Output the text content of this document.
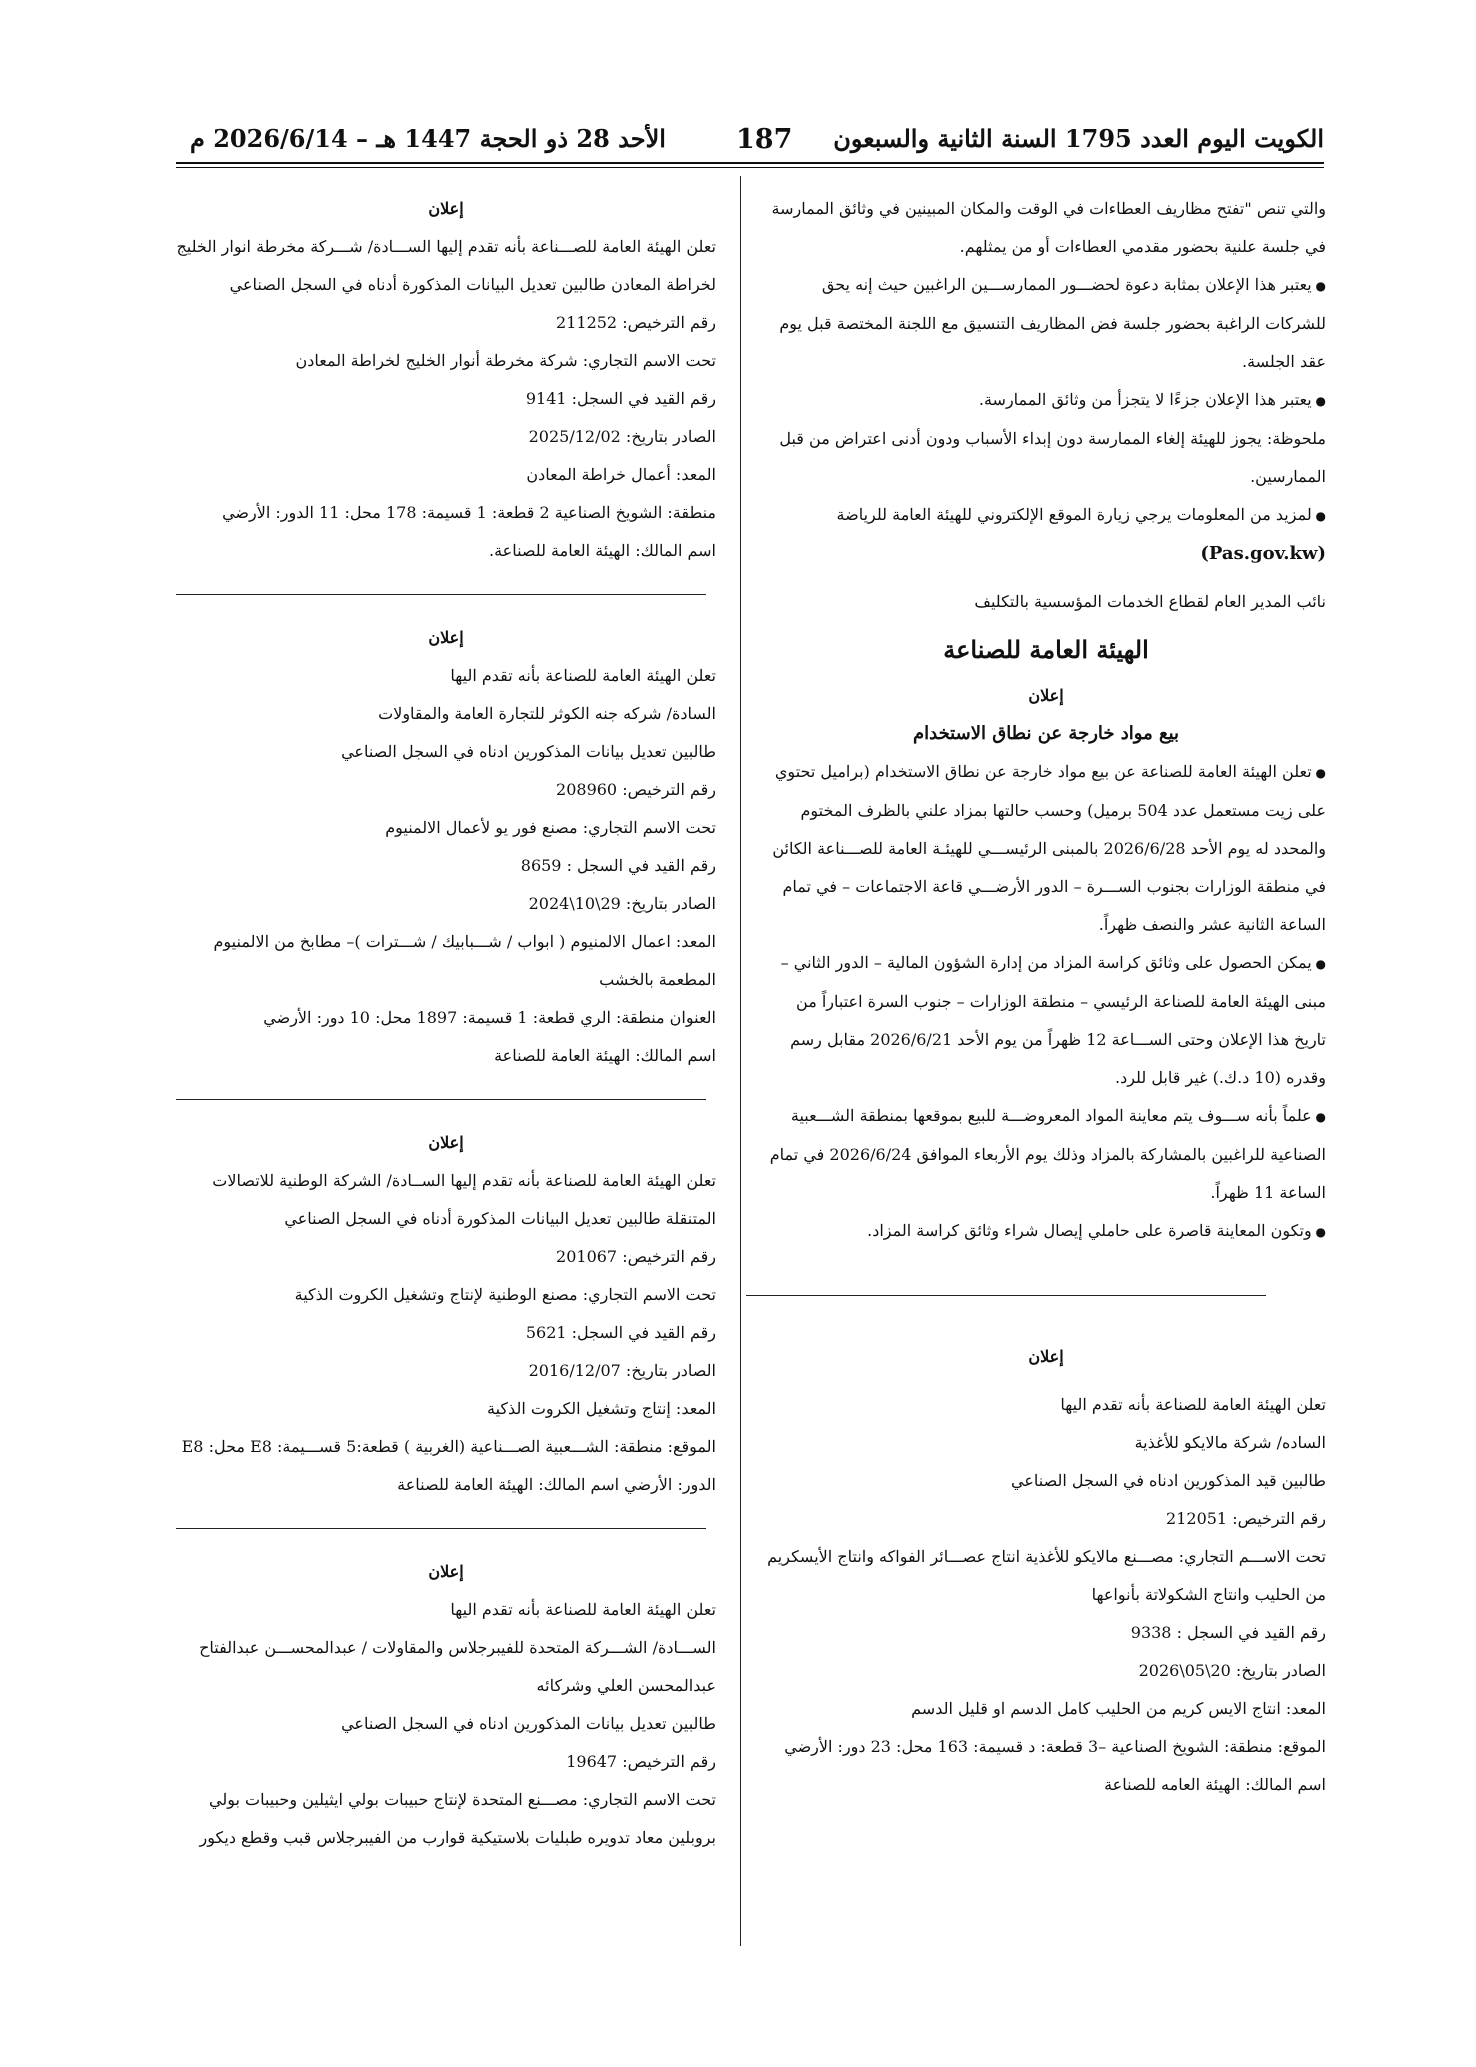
الكويت اليوم العدد 1795 السنة الثانية والسبعون
187
الأحد 28 ذو الحجة 1447 هـ – 2026/6/14 م

والتي تنص "تفتح مظاريف العطاءات في الوقت والمكان المبينين في وثائق الممارسة

في جلسة علنية بحضور مقدمي العطاءات أو من يمثلهم.

● يعتبر هذا الإعلان بمثابة دعوة لحضـــور الممارســـين الراغبين حيث إنه يحق للشركات الراغبة بحضور جلسة فض المظاريف التنسيق مع اللجنة المختصة قبل يوم عقد الجلسة.

● يعتبر هذا الإعلان جزءًا لا يتجزأ من وثائق الممارسة.

ملحوظة: يجوز للهيئة إلغاء الممارسة دون إبداء الأسباب ودون أدنى اعتراض من قبل الممارسين.

● لمزيد من المعلومات يرجي زيارة الموقع الإلكتروني للهيئة العامة للرياضة

(Pas.gov.kw)

نائب المدير العام لقطاع الخدمات المؤسسية بالتكليف

الهيئة العامة للصناعة

إعلان

بيع مواد خارجة عن نطاق الاستخدام

● تعلن الهيئة العامة للصناعة عن بيع مواد خارجة عن نطاق الاستخدام (براميل تحتوي على زيت مستعمل عدد 504 برميل) وحسب حالتها بمزاد علني بالظرف المختوم والمحدد له يوم الأحد 2026/6/28 بالمبنى الرئيســـي للهيئـة العامة للصـــناعة الكائن في منطقة الوزارات بجنوب الســـرة – الدور الأرضـــي قاعة الاجتماعات – في تمام الساعة الثانية عشر والنصف ظهراً.

● يمكن الحصول على وثائق كراسة المزاد من إدارة الشؤون المالية – الدور الثاني – مبنى الهيئة العامة للصناعة الرئيسي – منطقة الوزارات – جنوب السرة اعتباراً من تاريخ هذا الإعلان وحتى الســـاعة 12 ظهراً من يوم الأحد 2026/6/21 مقابل رسم وقدره (10 د.ك.) غير قابل للرد.

● علماً بأنه ســـوف يتم معاينة المواد المعروضـــة للبيع بموقعها بمنطقة الشـــعبية الصناعية للراغبين بالمشاركة بالمزاد وذلك يوم الأربعاء الموافق 2026/6/24 في تمام الساعة 11 ظهراً.

● وتكون المعاينة قاصرة على حاملي إيصال شراء وثائق كراسة المزاد.

إعلان

تعلن الهيئة العامة للصناعة بأنه تقدم اليها

الساده/ شركة مالايكو للأغذية

طالبين قيد المذكورين ادناه في السجل الصناعي

رقم الترخيص: 212051

تحت الاســـم التجاري: مصـــنع مالايكو للأغذية انتاج عصـــائر الفواكه وانتاج الأيسكريم من الحليب وانتاج الشكولاتة بأنواعها

رقم القيد في السجل : 9338

الصادر بتاريخ: 20\05\2026

المعد: انتاج الايس كريم من الحليب كامل الدسم او قليل الدسم

الموقع: منطقة: الشويخ الصناعية –3 قطعة: د قسيمة: 163 محل: 23 دور: الأرضي

اسم المالك: الهيئة العامه للصناعة

إعلان

تعلن الهيئة العامة للصـــناعة بأنه تقدم إليها الســـادة/ شـــركة مخرطة انوار الخليج لخراطة المعادن طالبين تعديل البيانات المذكورة أدناه في السجل الصناعي

رقم الترخيص: 211252

تحت الاسم التجاري: شركة مخرطة أنوار الخليج لخراطة المعادن

رقم القيد في السجل: 9141

الصادر بتاريخ: 2025/12/02

المعد: أعمال خراطة المعادن

منطقة: الشويخ الصناعية 2 قطعة: 1 قسيمة: 178 محل: 11 الدور: الأرضي

اسم المالك: الهيئة العامة للصناعة.

إعلان

تعلن الهيئة العامة للصناعة بأنه تقدم اليها

السادة/ شركه جنه الكوثر للتجارة العامة والمقاولات

طالبين تعديل بيانات المذكورين ادناه في السجل الصناعي

رقم الترخيص: 208960

تحت الاسم التجاري: مصنع فور يو لأعمال الالمنيوم

رقم القيد في السجل : 8659

الصادر بتاريخ: 29\10\2024

المعد: اعمال الالمنيوم ( ابواب / شـــبابيك / شـــترات )– مطابخ من الالمنيوم المطعمة بالخشب

العنوان منطقة: الري قطعة: 1 قسيمة: 1897 محل: 10 دور: الأرضي

اسم المالك: الهيئة العامة للصناعة

إعلان

تعلن الهيئة العامة للصناعة بأنه تقدم إليها الســادة/ الشركة الوطنية للاتصالات المتنقلة طالبين تعديل البيانات المذكورة أدناه في السجل الصناعي

رقم الترخيص: 201067

تحت الاسم التجاري: مصنع الوطنية لإنتاج وتشغيل الكروت الذكية

رقم القيد في السجل: 5621

الصادر بتاريخ: 2016/12/07

المعد: إنتاج وتشغيل الكروت الذكية

الموقع: منطقة: الشـــعبية الصـــناعية (الغربية ) قطعة:5 قســـيمة: E8 محل: E8

الدور: الأرضي اسم المالك: الهيئة العامة للصناعة

إعلان

تعلن الهيئة العامة للصناعة بأنه تقدم اليها

الســـادة/ الشـــركة المتحدة للفيبرجلاس والمقاولات / عبدالمحســـن عبدالفتاح عبدالمحسن العلي وشركائه

طالبين تعديل بيانات المذكورين ادناه في السجل الصناعي

رقم الترخيص: 19647

تحت الاسم التجاري: مصـــنع المتحدة لإنتاج حبيبات بولي ايثيلين وحبيبات بولي بروبلين معاد تدويره طبليات بلاستيكية قوارب من الفيبرجلاس قبب وقطع ديكور
